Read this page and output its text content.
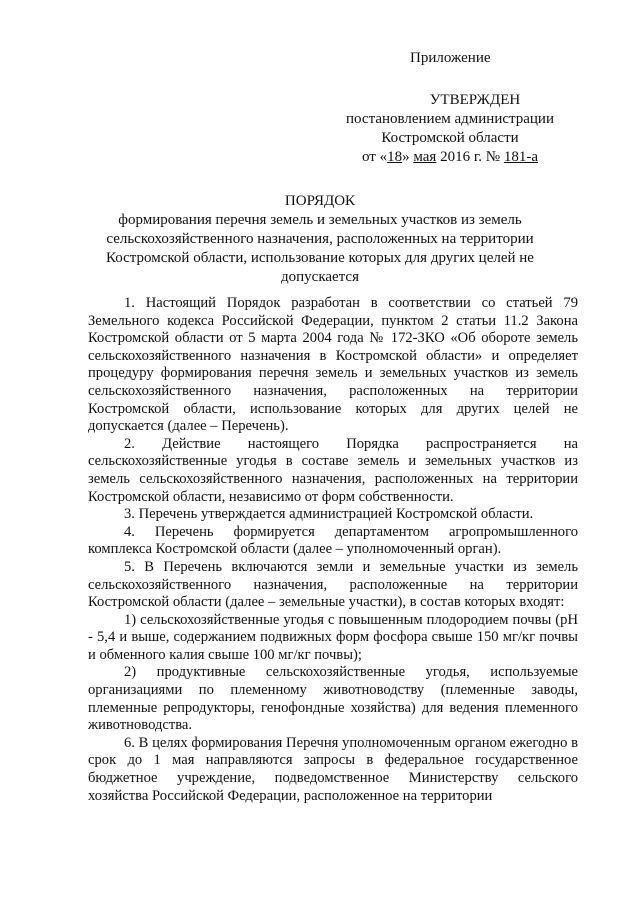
Приложение
УТВЕРЖДЕН
постановлением администрации
Костромской области
от «18» мая 2016 г. № 181-а
ПОРЯДОК
формирования перечня земель и земельных участков из земель сельскохозяйственного назначения, расположенных на территории Костромской области, использование которых для других целей не допускается

1. Настоящий Порядок разработан в соответствии со статьей 79 Земельного кодекса Российской Федерации, пунктом 2 статьи 11.2 Закона Костромской области от 5 марта 2004 года № 172-ЗКО «Об обороте земель сельскохозяйственного назначения в Костромской области» и определяет процедуру формирования перечня земель и земельных участков из земель сельскохозяйственного назначения, расположенных на территории Костромской области, использование которых для других целей не допускается (далее – Перечень).

2. Действие настоящего Порядка распространяется на сельскохозяйственные угодья в составе земель и земельных участков из земель сельскохозяйственного назначения, расположенных на территории Костромской области, независимо от форм собственности.

3. Перечень утверждается администрацией Костромской области.

4. Перечень формируется департаментом агропромышленного комплекса Костромской области (далее – уполномоченный орган).

5. В Перечень включаются земли и земельные участки из земель сельскохозяйственного назначения, расположенные на территории Костромской области (далее – земельные участки), в состав которых входят:

1) сельскохозяйственные угодья с повышенным плодородием почвы (pH - 5,4 и выше, содержанием подвижных форм фосфора свыше 150 мг/кг почвы и обменного калия свыше 100 мг/кг почвы);

2) продуктивные сельскохозяйственные угодья, используемые организациями по племенному животноводству (племенные заводы, племенные репродукторы, генофондные хозяйства) для ведения племенного животноводства.

6. В целях формирования Перечня уполномоченным органом ежегодно в срок до 1 мая направляются запросы в федеральное государственное бюджетное учреждение, подведомственное Министерству сельского хозяйства Российской Федерации, расположенное на территории
